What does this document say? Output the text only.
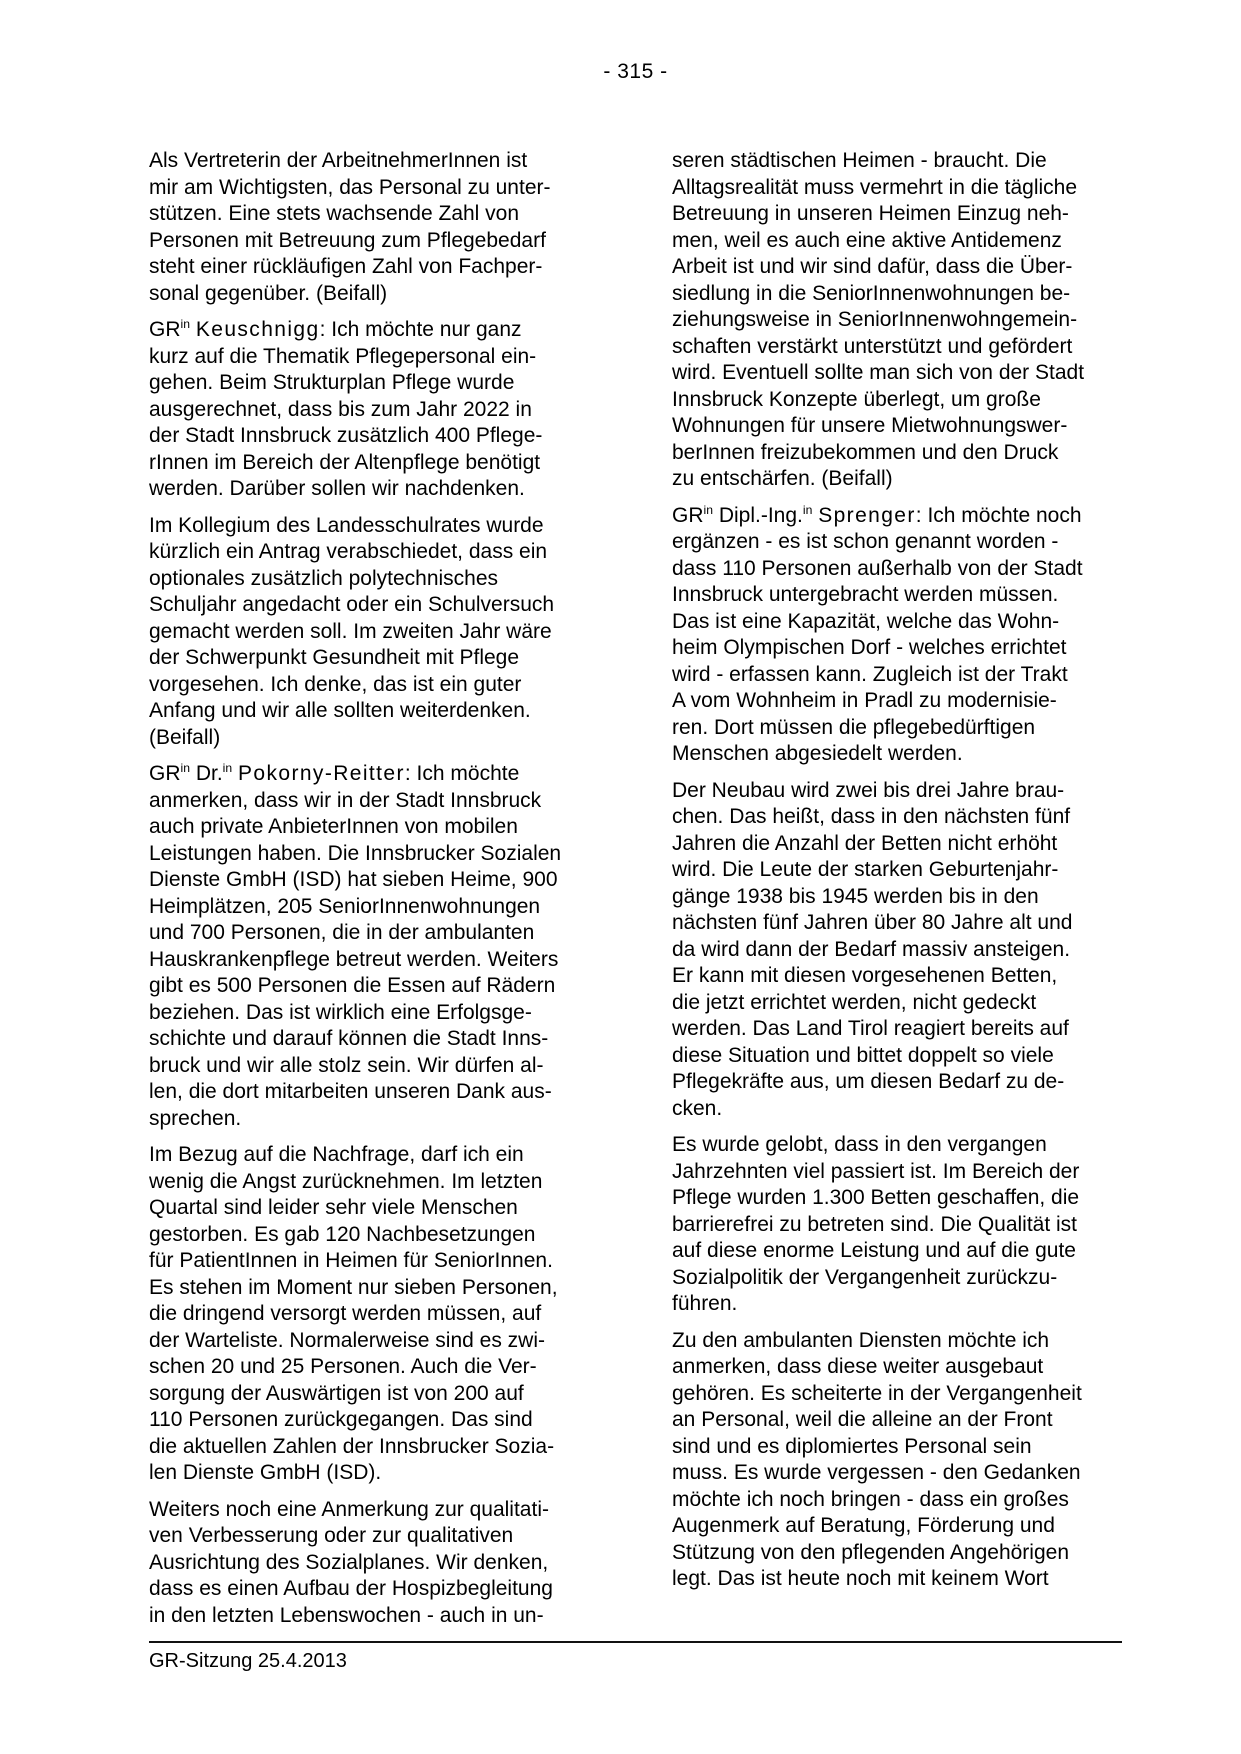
- 315 -

Als Vertreterin der ArbeitnehmerInnen ist
mir am Wichtigsten, das Personal zu unter-
stützen. Eine stets wachsende Zahl von
Personen mit Betreuung zum Pflegebedarf
steht einer rückläufigen Zahl von Fachper-
sonal gegenüber. (Beifall)

$GR^{in}$ Keuschnigg: Ich möchte nur ganz
kurz auf die Thematik Pflegepersonal ein-
gehen. Beim Strukturplan Pflege wurde
ausgerechnet, dass bis zum Jahr 2022 in
der Stadt Innsbruck zusätzlich 400 Pflege-
rInnen im Bereich der Altenpflege benötigt
werden. Darüber sollen wir nachdenken.

Im Kollegium des Landesschulrates wurde
kürzlich ein Antrag verabschiedet, dass ein
optionales zusätzlich polytechnisches
Schuljahr angedacht oder ein Schulversuch
gemacht werden soll. Im zweiten Jahr wäre
der Schwerpunkt Gesundheit mit Pflege
vorgesehen. Ich denke, das ist ein guter
Anfang und wir alle sollten weiterdenken.
(Beifall)

$GR^{in}$ Dr.$^{in}$ Pokorny-Reitter: Ich möchte
anmerken, dass wir in der Stadt Innsbruck
auch private AnbieterInnen von mobilen
Leistungen haben. Die Innsbrucker Sozialen
Dienste GmbH (ISD) hat sieben Heime, 900
Heimplätzen, 205 SeniorInnenwohnungen
und 700 Personen, die in der ambulanten
Hauskrankenpflege betreut werden. Weiters
gibt es 500 Personen die Essen auf Rädern
beziehen. Das ist wirklich eine Erfolgsge-
schichte und darauf können die Stadt Inns-
bruck und wir alle stolz sein. Wir dürfen al-
len, die dort mitarbeiten unseren Dank aus-
sprechen.

Im Bezug auf die Nachfrage, darf ich ein
wenig die Angst zurücknehmen. Im letzten
Quartal sind leider sehr viele Menschen
gestorben. Es gab 120 Nachbesetzungen
für PatientInnen in Heimen für SeniorInnen.
Es stehen im Moment nur sieben Personen,
die dringend versorgt werden müssen, auf
der Warteliste. Normalerweise sind es zwi-
schen 20 und 25 Personen. Auch die Ver-
sorgung der Auswärtigen ist von 200 auf
110 Personen zurückgegangen. Das sind
die aktuellen Zahlen der Innsbrucker Sozia-
len Dienste GmbH (ISD).

Weiters noch eine Anmerkung zur qualitati-
ven Verbesserung oder zur qualitativen
Ausrichtung des Sozialplanes. Wir denken,
dass es einen Aufbau der Hospizbegleitung
in den letzten Lebenswochen - auch in un-

seren städtischen Heimen - braucht. Die
Alltagsrealität muss vermehrt in die tägliche
Betreuung in unseren Heimen Einzug neh-
men, weil es auch eine aktive Antidemenz
Arbeit ist und wir sind dafür, dass die Über-
siedlung in die SeniorInnenwohnungen be-
ziehungsweise in SeniorInnenwohngemein-
schaften verstärkt unterstützt und gefördert
wird. Eventuell sollte man sich von der Stadt
Innsbruck Konzepte überlegt, um große
Wohnungen für unsere Mietwohnungswer-
berInnen freizubekommen und den Druck
zu entschärfen. (Beifall)

$GR^{in}$ Dipl.-Ing.$^{in}$ Sprenger: Ich möchte noch
ergänzen - es ist schon genannt worden -
dass 110 Personen außerhalb von der Stadt
Innsbruck untergebracht werden müssen.
Das ist eine Kapazität, welche das Wohn-
heim Olympischen Dorf - welches errichtet
wird - erfassen kann. Zugleich ist der Trakt
A vom Wohnheim in Pradl zu modernisie-
ren. Dort müssen die pflegebedürftigen
Menschen abgesiedelt werden.

Der Neubau wird zwei bis drei Jahre brau-
chen. Das heißt, dass in den nächsten fünf
Jahren die Anzahl der Betten nicht erhöht
wird. Die Leute der starken Geburtenjahr-
gänge 1938 bis 1945 werden bis in den
nächsten fünf Jahren über 80 Jahre alt und
da wird dann der Bedarf massiv ansteigen.
Er kann mit diesen vorgesehenen Betten,
die jetzt errichtet werden, nicht gedeckt
werden. Das Land Tirol reagiert bereits auf
diese Situation und bittet doppelt so viele
Pflegekräfte aus, um diesen Bedarf zu de-
cken.

Es wurde gelobt, dass in den vergangen
Jahrzehnten viel passiert ist. Im Bereich der
Pflege wurden 1.300 Betten geschaffen, die
barrierefrei zu betreten sind. Die Qualität ist
auf diese enorme Leistung und auf die gute
Sozialpolitik der Vergangenheit zurückzu-
führen.

Zu den ambulanten Diensten möchte ich
anmerken, dass diese weiter ausgebaut
gehören. Es scheiterte in der Vergangenheit
an Personal, weil die alleine an der Front
sind und es diplomiertes Personal sein
muss. Es wurde vergessen - den Gedanken
möchte ich noch bringen - dass ein großes
Augenmerk auf Beratung, Förderung und
Stützung von den pflegenden Angehörigen
legt. Das ist heute noch mit keinem Wort

GR-Sitzung 25.4.2013
